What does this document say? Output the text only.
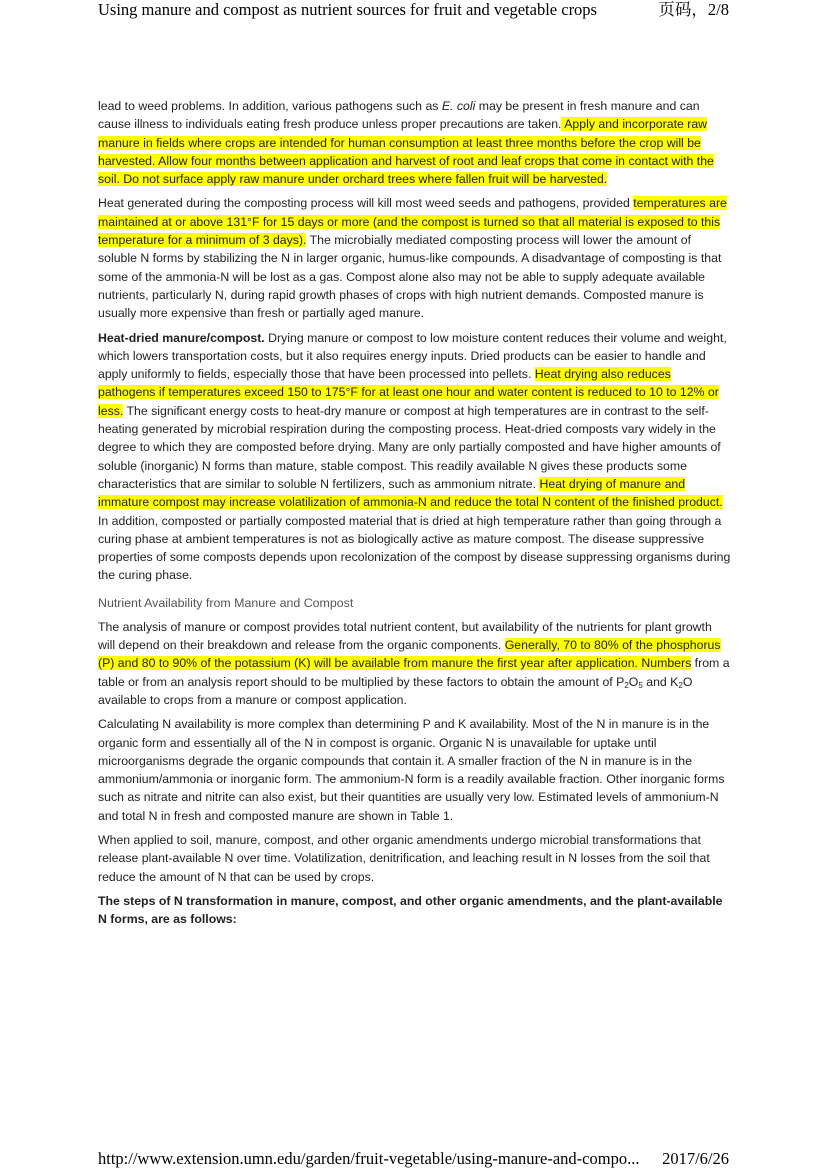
Using manure and compost as nutrient sources for fruit and vegetable crops	页码，2/8

lead to weed problems. In addition, various pathogens such as E. coli may be present in fresh manure and can cause illness to individuals eating fresh produce unless proper precautions are taken. Apply and incorporate raw manure in fields where crops are intended for human consumption at least three months before the crop will be harvested. Allow four months between application and harvest of root and leaf crops that come in contact with the soil. Do not surface apply raw manure under orchard trees where fallen fruit will be harvested.

Heat generated during the composting process will kill most weed seeds and pathogens, provided temperatures are maintained at or above 131°F for 15 days or more (and the compost is turned so that all material is exposed to this temperature for a minimum of 3 days). The microbially mediated composting process will lower the amount of soluble N forms by stabilizing the N in larger organic, humus-like compounds. A disadvantage of composting is that some of the ammonia-N will be lost as a gas. Compost alone also may not be able to supply adequate available nutrients, particularly N, during rapid growth phases of crops with high nutrient demands. Composted manure is usually more expensive than fresh or partially aged manure.

Heat-dried manure/compost. Drying manure or compost to low moisture content reduces their volume and weight, which lowers transportation costs, but it also requires energy inputs. Dried products can be easier to handle and apply uniformly to fields, especially those that have been processed into pellets. Heat drying also reduces pathogens if temperatures exceed 150 to 175°F for at least one hour and water content is reduced to 10 to 12% or less. The significant energy costs to heat-dry manure or compost at high temperatures are in contrast to the self-heating generated by microbial respiration during the composting process. Heat-dried composts vary widely in the degree to which they are composted before drying. Many are only partially composted and have higher amounts of soluble (inorganic) N forms than mature, stable compost. This readily available N gives these products some characteristics that are similar to soluble N fertilizers, such as ammonium nitrate. Heat drying of manure and immature compost may increase volatilization of ammonia-N and reduce the total N content of the finished product. In addition, composted or partially composted material that is dried at high temperature rather than going through a curing phase at ambient temperatures is not as biologically active as mature compost. The disease suppressive properties of some composts depends upon recolonization of the compost by disease suppressing organisms during the curing phase.

Nutrient Availability from Manure and Compost

The analysis of manure or compost provides total nutrient content, but availability of the nutrients for plant growth will depend on their breakdown and release from the organic components. Generally, 70 to 80% of the phosphorus (P) and 80 to 90% of the potassium (K) will be available from manure the first year after application. Numbers from a table or from an analysis report should to be multiplied by these factors to obtain the amount of $P_2O_5$ and $K_2O$ available to crops from a manure or compost application.

Calculating N availability is more complex than determining P and K availability. Most of the N in manure is in the organic form and essentially all of the N in compost is organic. Organic N is unavailable for uptake until microorganisms degrade the organic compounds that contain it. A smaller fraction of the N in manure is in the ammonium/ammonia or inorganic form. The ammonium-N form is a readily available fraction. Other inorganic forms such as nitrate and nitrite can also exist, but their quantities are usually very low. Estimated levels of ammonium-N and total N in fresh and composted manure are shown in Table 1.

When applied to soil, manure, compost, and other organic amendments undergo microbial transformations that release plant-available N over time. Volatilization, denitrification, and leaching result in N losses from the soil that reduce the amount of N that can be used by crops.

The steps of N transformation in manure, compost, and other organic amendments, and the plant-available N forms, are as follows:

http://www.extension.umn.edu/garden/fruit-vegetable/using-manure-and-compo... 2017/6/26
